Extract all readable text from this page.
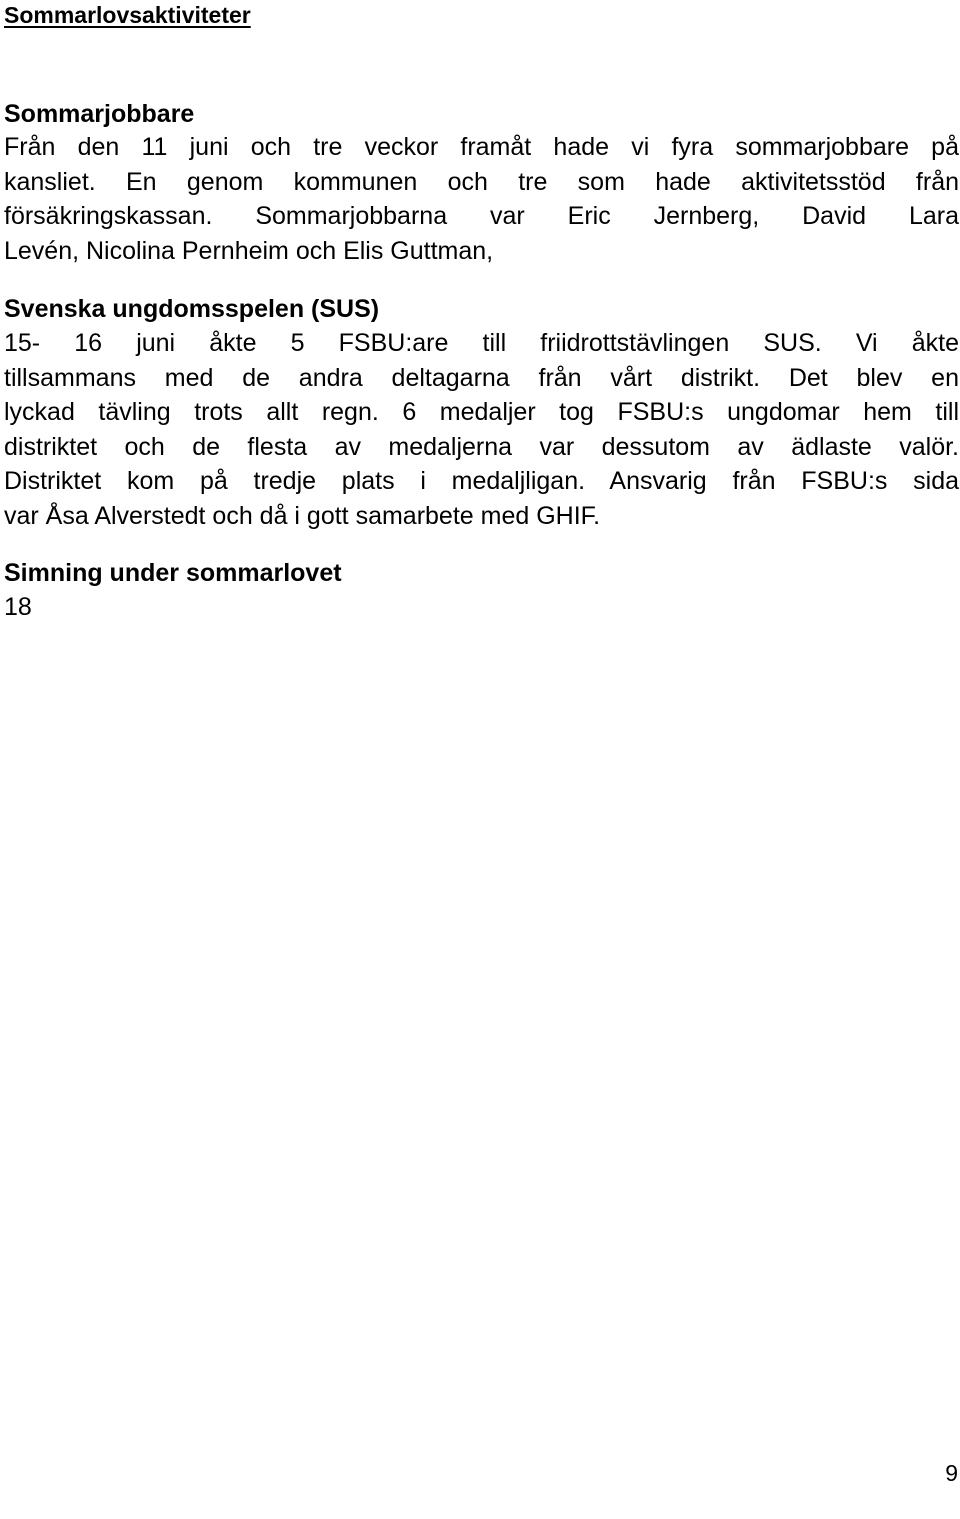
Sommarlovsaktiviteter
Sommarjobbare
Från den 11 juni och tre veckor framåt hade vi fyra sommarjobbare på
kansliet. En genom kommunen och tre som hade aktivitetsstöd från
försäkringskassan. Sommarjobbarna var Eric Jernberg, David Lara
Levén, Nicolina Pernheim och Elis Guttman,
Svenska ungdomsspelen (SUS)
15- 16 juni åkte 5 FSBU:are till friidrottstävlingen SUS. Vi åkte
tillsammans med de andra deltagarna från vårt distrikt. Det blev en
lyckad tävling trots allt regn. 6 medaljer tog FSBU:s ungdomar hem till
distriktet och de flesta av medaljerna var dessutom av ädlaste valör.
Distriktet kom på tredje plats i medaljligan. Ansvarig från FSBU:s sida
var Åsa Alverstedt och då i gott samarbete med GHIF.
Simning under sommarlovet
18
9
